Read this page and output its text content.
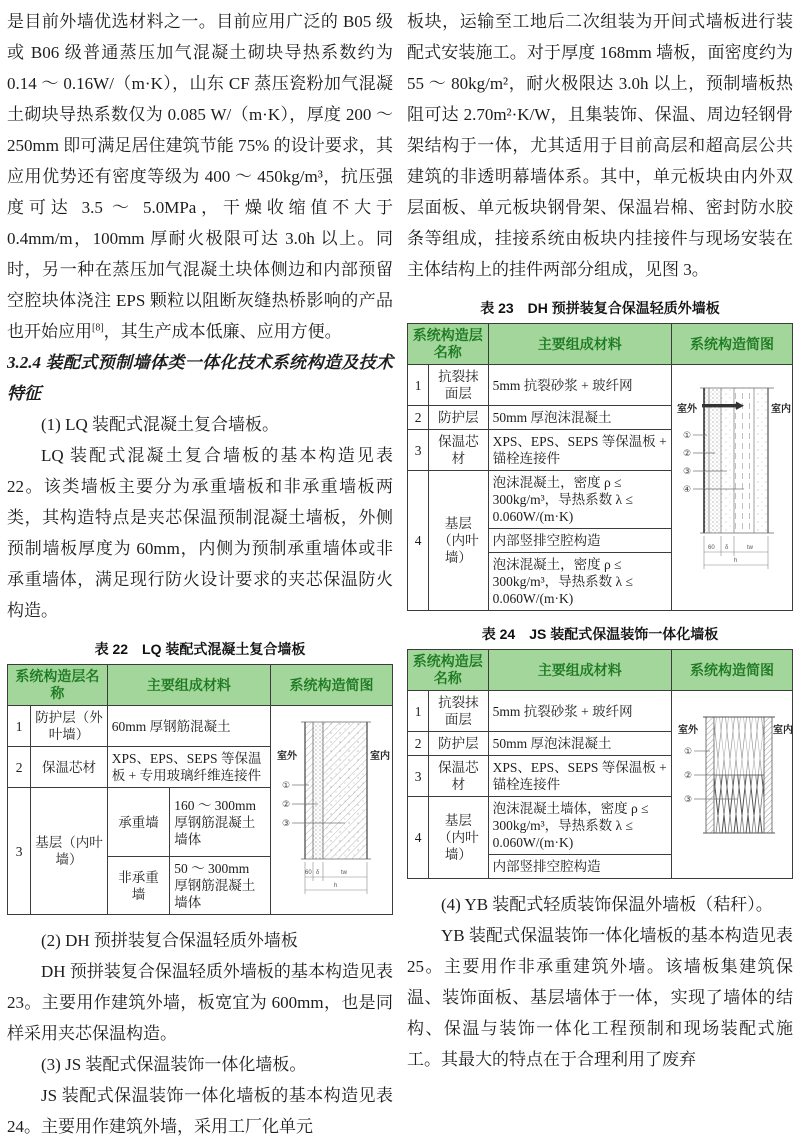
是目前外墙优选材料之一。目前应用广泛的 B05 级或 B06 级普通蒸压加气混凝土砌块导热系数约为 0.14 ～ 0.16W/（m·K），山东 CF 蒸压瓷粉加气混凝土砌块导热系数仅为 0.085 W/（m·K），厚度 200 ～ 250mm 即可满足居住建筑节能 75% 的设计要求，其应用优势还有密度等级为 400 ～ 450kg/m³，抗压强度可达 3.5 ～ 5.0MPa，干燥收缩值不大于 0.4mm/m，100mm 厚耐火极限可达 3.0h 以上。同时，另一种在蒸压加气混凝土块体侧边和内部预留空腔块体浇注 EPS 颗粒以阻断灰缝热桥影响的产品也开始应用[8]，其生产成本低廉、应用方便。

3.2.4 装配式预制墙体类一体化技术系统构造及技术特征

(1) LQ 装配式混凝土复合墙板。

LQ 装配式混凝土复合墙板的基本构造见表 22。该类墙板主要分为承重墙板和非承重墙板两类，其构造特点是夹芯保温预制混凝土墙板，外侧预制墙板厚度为 60mm，内侧为预制承重墙体或非承重墙体，满足现行防火设计要求的夹芯保温防火构造。

表 22　LQ 装配式混凝土复合墙板
系统构造层名称		主要组成材料		系统构造简图
1	防护层（外叶墙）	60mm 厚钢筋混凝土	
室外	室内
①
②
③
60 δ	tw
h

2	保温芯材	XPS、EPS、SEPS 等保温板 + 专用玻璃纤维连接件		
3	基层（内叶墙）	承重墙	160 ～ 300mm 厚钢筋混凝土墙体	
		非承重墙	50 ～ 300mm 厚钢筋混凝土墙体	

(2) DH 预拼装复合保温轻质外墙板

DH 预拼装复合保温轻质外墙板的基本构造见表 23。主要用作建筑外墙，板宽宜为 600mm，也是同样采用夹芯保温构造。

(3) JS 装配式保温装饰一体化墙板。

JS 装配式保温装饰一体化墙板的基本构造见表 24。主要用作建筑外墙，采用工厂化单元

板块，运输至工地后二次组装为开间式墙板进行装配式安装施工。对于厚度 168mm 墙板，面密度约为 55 ～ 80kg/m²，耐火极限达 3.0h 以上，预制墙板热阻可达 2.70m²·K/W，且集装饰、保温、周边轻钢骨架结构于一体，尤其适用于目前高层和超高层公共建筑的非透明幕墙体系。其中，单元板块由内外双层面板、单元板块钢骨架、保温岩棉、密封防水胶条等组成，挂接系统由板块内挂接件与现场安装在主体结构上的挂件两部分组成，见图 3。

表 23　DH 预拼装复合保温轻质外墙板
系统构造层名称		主要组成材料	系统构造简图
1	抗裂抹面层	5mm 抗裂砂浆 + 玻纤网	
室外	室内
①
②
③
④
60 δ	tw
h

2	防护层	50mm 厚泡沫混凝土	
3	保温芯材	XPS、EPS、SEPS 等保温板 + 锚栓连接件	
4	基层（内叶墙）	泡沫混凝土，密度 ρ ≤ 300kg/m³，导热系数 λ ≤ 0.060W/(m·K)	
		内部竖排空腔构造	
		泡沫混凝土，密度 ρ ≤ 300kg/m³，导热系数 λ ≤ 0.060W/(m·K)	
表 24　JS 装配式保温装饰一体化墙板
系统构造层名称		主要组成材料	系统构造简图
1	抗裂抹面层	5mm 抗裂砂浆 + 玻纤网	室外 室内
①
②
③

2	防护层	50mm 厚泡沫混凝土	
3	保温芯材	XPS、EPS、SEPS 等保温板 + 锚栓连接件	
4	基层（内叶墙）	泡沫混凝土墙体，密度 ρ ≤ 300kg/m³，导热系数 λ ≤ 0.060W/(m·K)	
		内部竖排空腔构造	

(4) YB 装配式轻质装饰保温外墙板（秸秆）。

YB 装配式保温装饰一体化墙板的基本构造见表 25。主要用作非承重建筑外墙。该墙板集建筑保温、装饰面板、基层墙体于一体，实现了墙体的结构、保温与装饰一体化工程预制和现场装配式施工。其最大的特点在于合理利用了废弃
